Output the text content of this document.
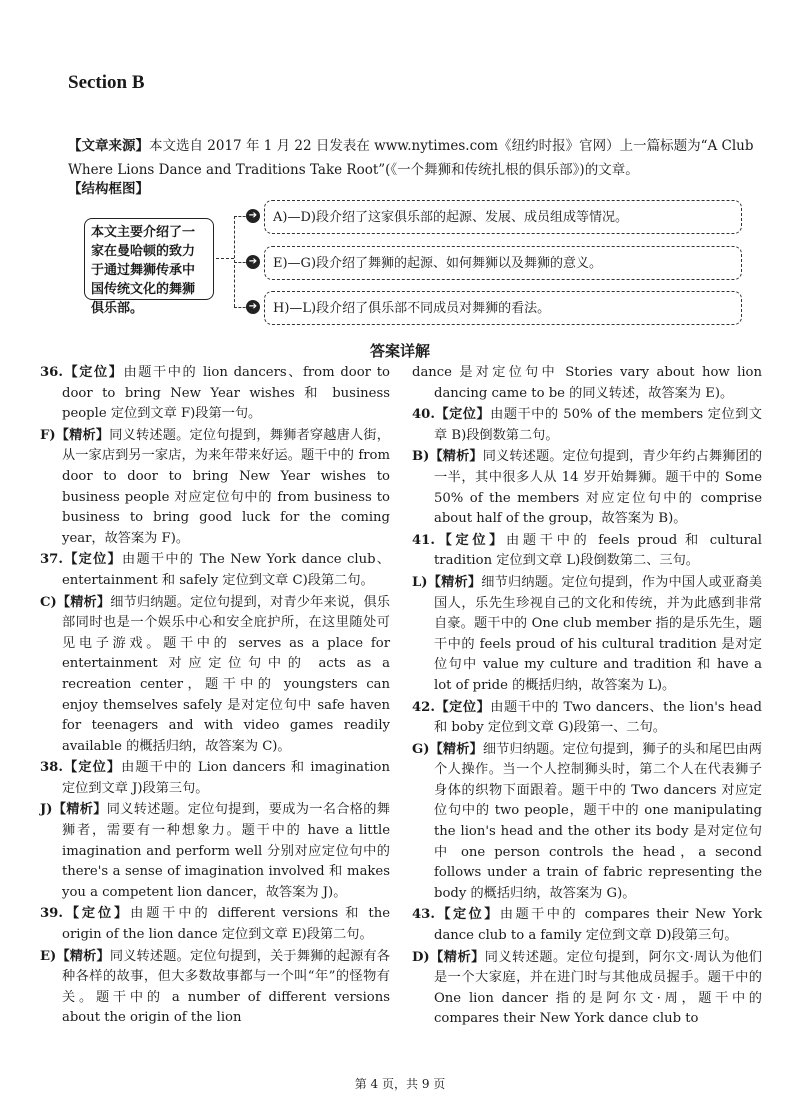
Section B
【文章来源】本文选自 2017 年 1 月 22 日发表在 www.nytimes.com《纽约时报》官网）上一篇标题为“A Club Where Lions Dance and Traditions Take Root”(《一个舞狮和传统扎根的俱乐部》)的文章。
【结构框图】
本文主要介绍了一家在曼哈顿的致力于通过舞狮传承中国传统文化的舞狮俱乐部。
➔	A)—D)段介绍了这家俱乐部的起源、发展、成员组成等情况。
➔	E)—G)段介绍了舞狮的起源、如何舞狮以及舞狮的意义。
➔	H)—L)段介绍了俱乐部不同成员对舞狮的看法。
答案详解

36.【定位】由题干中的 lion dancers、from door to door to bring New Year wishes 和 business people 定位到文章 F)段第一句。

F)【精析】同义转述题。定位句提到，舞狮者穿越唐人街，从一家店到另一家店，为来年带来好运。题干中的 from door to door to bring New Year wishes to business people 对应定位句中的 from business to business to bring good luck for the coming year，故答案为 F)。

37.【定位】由题干中的 The New York dance club、entertainment 和 safely 定位到文章 C)段第二句。

C)【精析】细节归纳题。定位句提到，对青少年来说，俱乐部同时也是一个娱乐中心和安全庇护所，在这里随处可见电子游戏。题干中的 serves as a place for entertainment 对应定位句中的 acts as a recreation center，题干中的 youngsters can enjoy themselves safely 是对定位句中 safe haven for teenagers and with video games readily available 的概括归纳，故答案为 C)。

38.【定位】由题干中的 Lion dancers 和 imagination 定位到文章 J)段第三句。

J)【精析】同义转述题。定位句提到，要成为一名合格的舞狮者，需要有一种想象力。题干中的 have a little imagination and perform well 分别对应定位句中的 there's a sense of imagination involved 和 makes you a competent lion dancer，故答案为 J)。

39.【定位】由题干中的 different versions 和 the origin of the lion dance 定位到文章 E)段第二句。

E)【精析】同义转述题。定位句提到，关于舞狮的起源有各种各样的故事，但大多数故事都与一个叫“年”的怪物有关。题干中的 a number of different versions about the origin of the lion

dance 是对定位句中 Stories vary about how lion dancing came to be 的同义转述，故答案为 E)。

40.【定位】由题干中的 50% of the members 定位到文章 B)段倒数第二句。

B)【精析】同义转述题。定位句提到，青少年约占舞狮团的一半，其中很多人从 14 岁开始舞狮。题干中的 Some 50% of the members 对应定位句中的 comprise about half of the group，故答案为 B)。

41.【定位】由题干中的 feels proud 和 cultural tradition 定位到文章 L)段倒数第二、三句。

L)【精析】细节归纳题。定位句提到，作为中国人或亚裔美国人，乐先生珍视自己的文化和传统，并为此感到非常自豪。题干中的 One club member 指的是乐先生，题干中的 feels proud of his cultural tradition 是对定位句中 value my culture and tradition 和 have a lot of pride 的概括归纳，故答案为 L)。

42.【定位】由题干中的 Two dancers、the lion's head 和 boby 定位到文章 G)段第一、二句。

G)【精析】细节归纳题。定位句提到，狮子的头和尾巴由两个人操作。当一个人控制狮头时，第二个人在代表狮子身体的织物下面跟着。题干中的 Two dancers 对应定位句中的 two people，题干中的 one manipulating the lion's head and the other its body 是对定位句中 one person controls the head，a second follows under a train of fabric representing the body 的概括归纳，故答案为 G)。

43.【定位】由题干中的 compares their New York dance club to a family 定位到文章 D)段第三句。

D)【精析】同义转述题。定位句提到，阿尔文·周认为他们是一个大家庭，并在进门时与其他成员握手。题干中的 One lion dancer 指的是阿尔文·周，题干中的 compares their New York dance club to

第 4 页，共 9 页
